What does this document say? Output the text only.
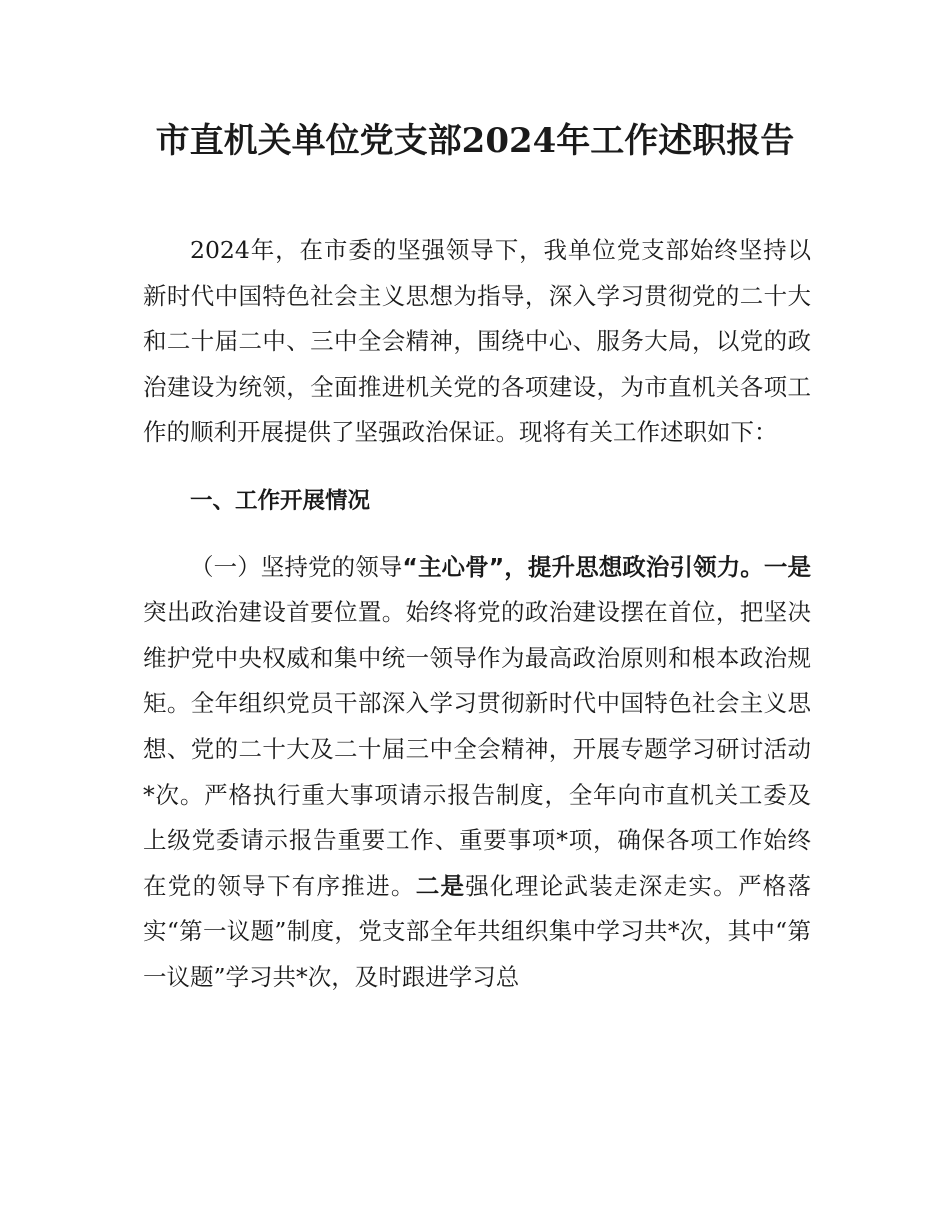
市直机关单位党支部2024年工作述职报告

2024年，在市委的坚强领导下，我单位党支部始终坚持以新时代中国特色社会主义思想为指导，深入学习贯彻党的二十大和二十届二中、三中全会精神，围绕中心、服务大局，以党的政治建设为统领，全面推进机关党的各项建设，为市直机关各项工作的顺利开展提供了坚强政治保证。现将有关工作述职如下：

一、工作开展情况

（一）坚持党的领导“主心骨”，提升思想政治引领力。一是突出政治建设首要位置。始终将党的政治建设摆在首位，把坚决维护党中央权威和集中统一领导作为最高政治原则和根本政治规矩。全年组织党员干部深入学习贯彻新时代中国特色社会主义思想、党的二十大及二十届三中全会精神，开展专题学习研讨活动*次。严格执行重大事项请示报告制度，全年向市直机关工委及上级党委请示报告重要工作、重要事项*项，确保各项工作始终在党的领导下有序推进。二是强化理论武装走深走实。严格落实“第一议题”制度，党支部全年共组织集中学习共*次，其中“第一议题”学习共*次，及时跟进学习总
